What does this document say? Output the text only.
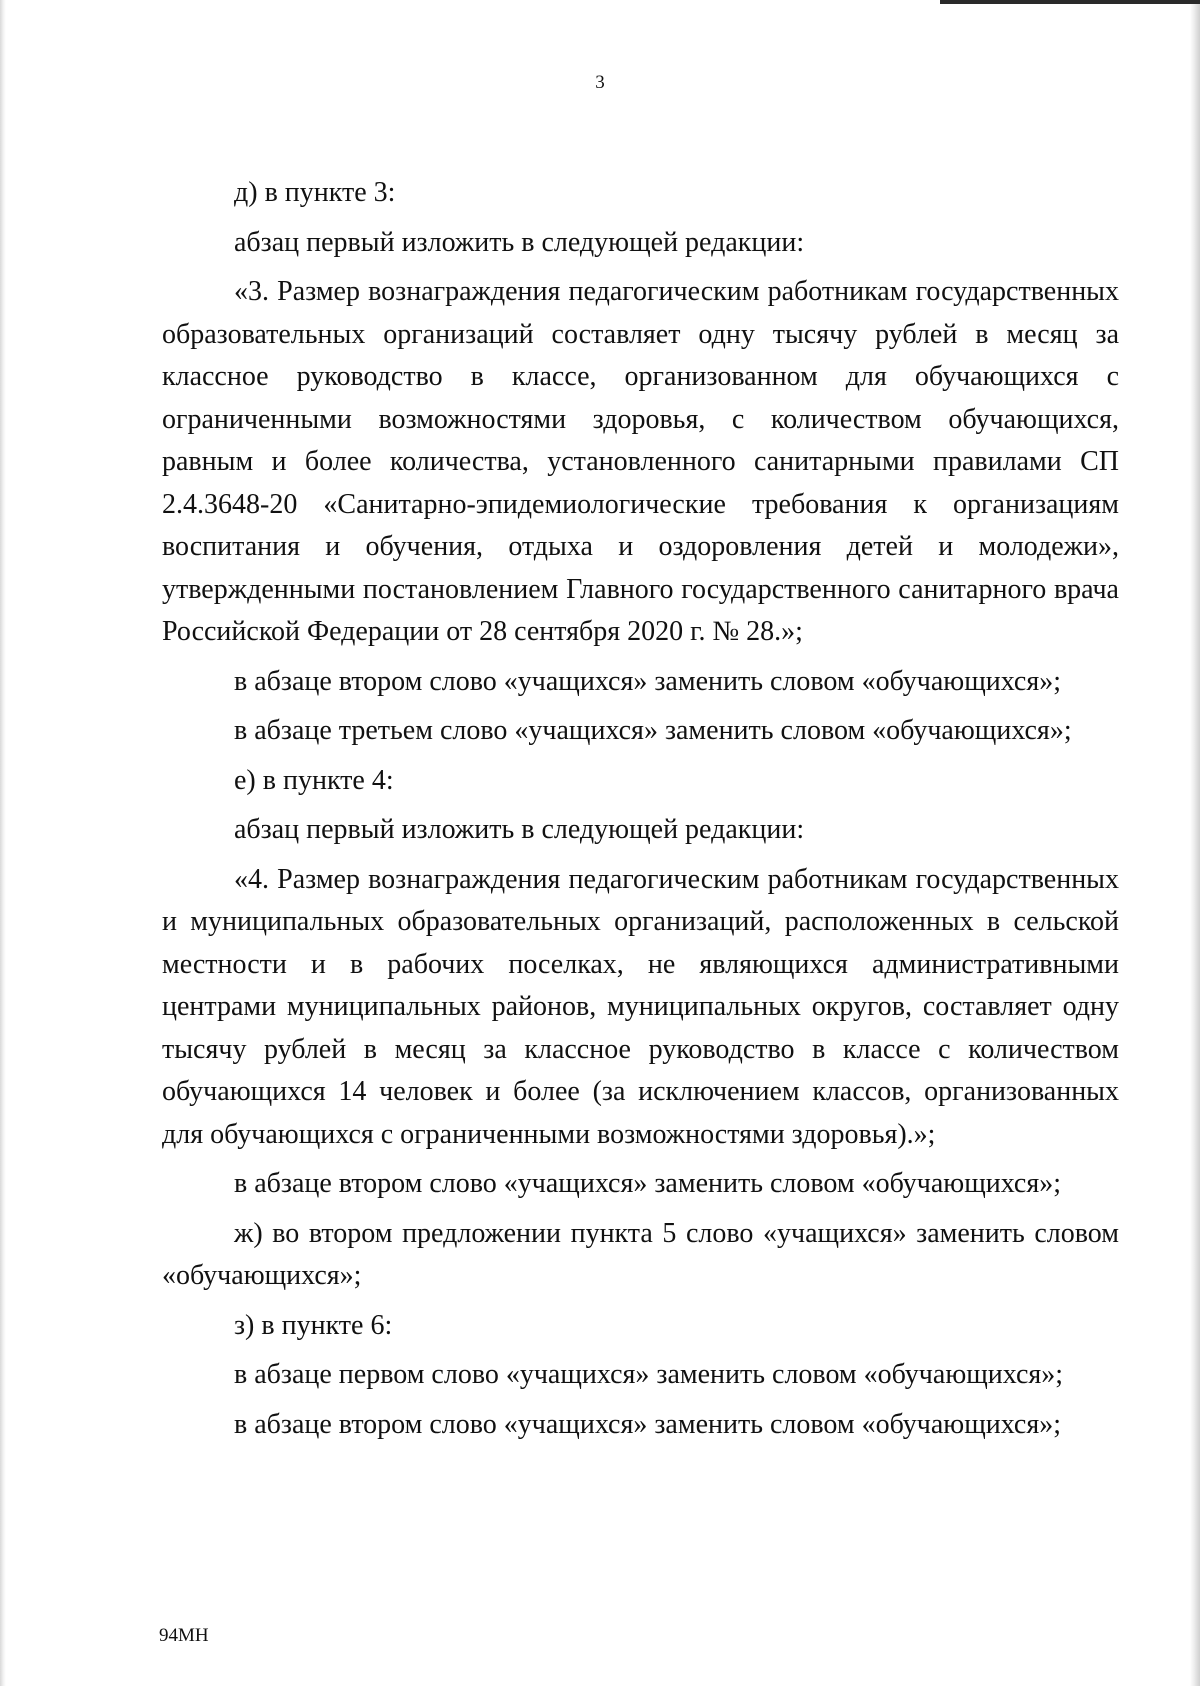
3

д) в пункте 3:

абзац первый изложить в следующей редакции:

«3. Размер вознаграждения педагогическим работникам государственных образовательных организаций составляет одну тысячу рублей в месяц за классное руководство в классе, организованном для обучающихся с ограниченными возможностями здоровья, с количеством обучающихся, равным и более количества, установленного санитарными правилами СП 2.4.3648-20 «Санитарно-эпидемиологические требования к организациям воспитания и обучения, отдыха и оздоровления детей и молодежи», утвержденными постановлением Главного государственного санитарного врача Российской Федерации от 28 сентября 2020 г. № 28.»;

в абзаце втором слово «учащихся» заменить словом «обучающихся»;

в абзаце третьем слово «учащихся» заменить словом «обучающихся»;

е) в пункте 4:

абзац первый изложить в следующей редакции:

«4. Размер вознаграждения педагогическим работникам государственных и муниципальных образовательных организаций, расположенных в сельской местности и в рабочих поселках, не являющихся административными центрами муниципальных районов, муниципальных округов, составляет одну тысячу рублей в месяц за классное руководство в классе с количеством обучающихся 14 человек и более (за исключением классов, организованных для обучающихся с ограниченными возможностями здоровья).»;

в абзаце втором слово «учащихся» заменить словом «обучающихся»;

ж) во втором предложении пункта 5 слово «учащихся» заменить словом «обучающихся»;

з) в пункте 6:

в абзаце первом слово «учащихся» заменить словом «обучающихся»;

в абзаце втором слово «учащихся» заменить словом «обучающихся»;

94МН
